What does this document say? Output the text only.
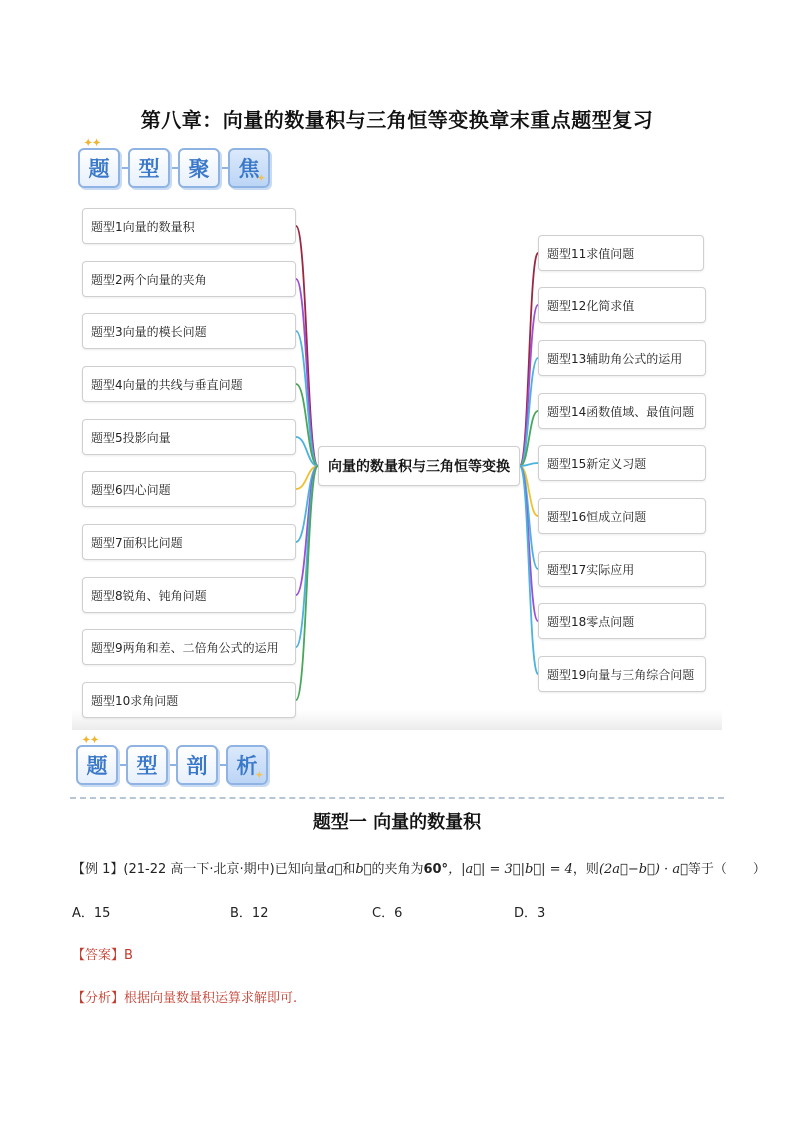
第八章：向量的数量积与三角恒等变换章末重点题型复习
✦✦
题 型 聚 焦
✦
向量的数量积与三角恒等变换
题型1向量的数量积
题型2两个向量的夹角
题型3向量的模长问题
题型4向量的共线与垂直问题
题型5投影向量
题型6四心问题
题型7面积比问题
题型8锐角、钝角问题
题型9两角和差、二倍角公式的运用
题型10求角问题
题型11求值问题
题型12化简求值
题型13辅助角公式的运用
题型14函数值域、最值问题
题型15新定义习题
题型16恒成立问题
题型17实际应用
题型18零点问题
题型19向量与三角综合问题
✦✦
题 型 剖 析
✦
题型一 向量的数量积
【例 1】(21-22 高一下·北京·期中)已知向量a⃗和b⃗的夹角为60°，|a⃗| = 3，|b⃗| = 4，则(2a⃗−b⃗) · a⃗等于（　　）
A．15	B．12	C．6	D．3
【答案】B
【分析】根据向量数量积运算求解即可.
